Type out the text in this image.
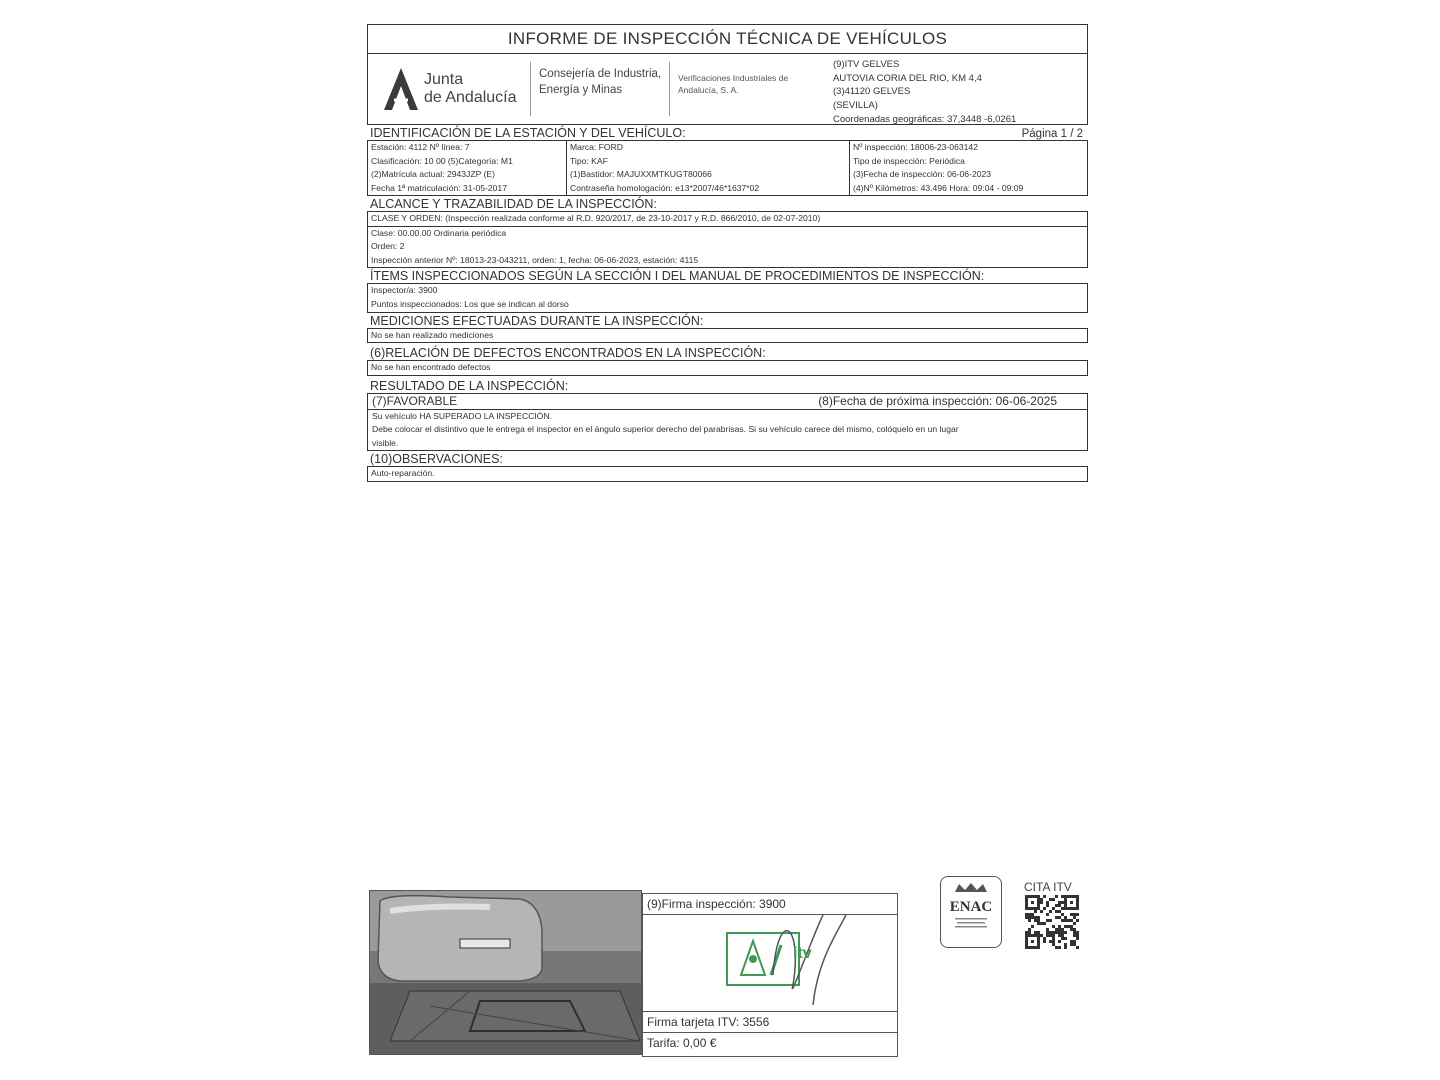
INFORME DE INSPECCIÓN TÉCNICA DE VEHÍCULOS
Junta
de Andalucía
Consejería de Industria,
Energía y Minas
Verificaciones Industriales de
Andalucía, S. A.
(9)ITV GELVES
AUTOVIA CORIA DEL RIO, KM 4,4
(3)41120 GELVES
(SEVILLA)
Coordenadas geográficas: 37,3448 -6,0261
IDENTIFICACIÓN DE LA ESTACIÓN Y DEL VEHÍCULO:	Página 1 / 2
Estación: 4112 Nº línea: 7
Clasificación: 10 00 (5)Categoría: M1
(2)Matrícula actual: 2943JZP (E)
Fecha 1ª matriculación: 31-05-2017
Marca: FORD
Tipo: KAF
(1)Bastidor: MAJUXXMTKUGT80066
Contraseña homologación: e13*2007/46*1637*02
Nº inspección: 18006-23-063142
Tipo de inspección: Periódica
(3)Fecha de inspección: 06-06-2023
(4)Nº Kilómetros: 43.496 Hora: 09:04 - 09:09
ALCANCE Y TRAZABILIDAD DE LA INSPECCIÓN:
CLASE Y ORDEN: (Inspección realizada conforme al R.D. 920/2017, de 23-10-2017 y R.D. 866/2010, de 02-07-2010)
Clase: 00.00.00 Ordinaria periódica
Orden: 2
Inspección anterior Nº: 18013-23-043211, orden: 1, fecha: 06-06-2023, estación: 4115
ÍTEMS INSPECCIONADOS SEGÚN LA SECCIÓN I DEL MANUAL DE PROCEDIMIENTOS DE INSPECCIÓN:
Inspector/a: 3900
Puntos inspeccionados: Los que se indican al dorso
MEDICIONES EFECTUADAS DURANTE LA INSPECCIÓN:
No se han realizado mediciones
(6)RELACIÓN DE DEFECTOS ENCONTRADOS EN LA INSPECCIÓN:
No se han encontrado defectos
RESULTADO DE LA INSPECCIÓN:
(7)FAVORABLE	(8)Fecha de próxima inspección: 06-06-2025
Su vehículo HA SUPERADO LA INSPECCIÓN.
Debe colocar el distintivo que le entrega el inspector en el ángulo superior derecho del parabrisas. Si su vehículo carece del mismo, colóquelo en un lugar
visible.
(10)OBSERVACIONES:
Auto-reparación.
(9)Firma inspección: 3900
itv
Firma tarjeta ITV: 3556
Tarifa: 0,00 €
ENAC
CITA ITV
